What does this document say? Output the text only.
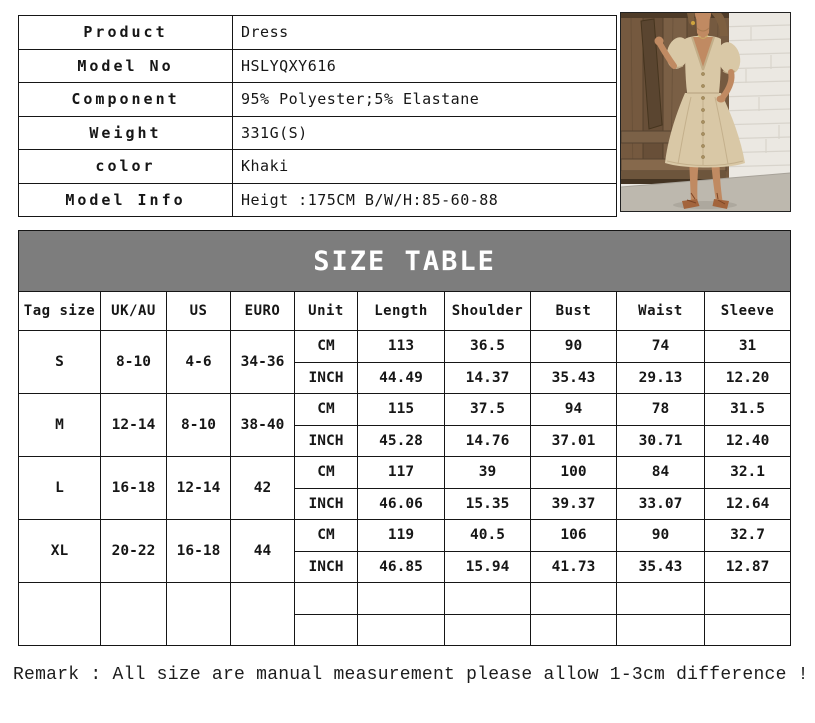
Product	Dress
Model No	HSLYQXY616
Component	95% Polyester;5% Elastane
Weight	331G(S)
color	Khaki
Model Info	Heigt :175CM B/W/H:85-60-88
SIZE TABLE									
Tag size	UK/AU	US	EURO	Unit	Length	Shoulder	Bust	Waist	Sleeve
S	8-10	4-6	34-36	CM	113	36.5	90	74	31
				INCH	44.49	14.37	35.43	29.13	12.20
M	12-14	8-10	38-40	CM	115	37.5	94	78	31.5
				INCH	45.28	14.76	37.01	30.71	12.40
L	16-18	12-14	42	CM	117	39	100	84	32.1
				INCH	46.06	15.35	39.37	33.07	12.64
XL	20-22	16-18	44	CM	119	40.5	106	90	32.7
				INCH	46.85	15.94	41.73	35.43	12.87

Remark : All size are manual measurement please allow 1-3cm difference !
